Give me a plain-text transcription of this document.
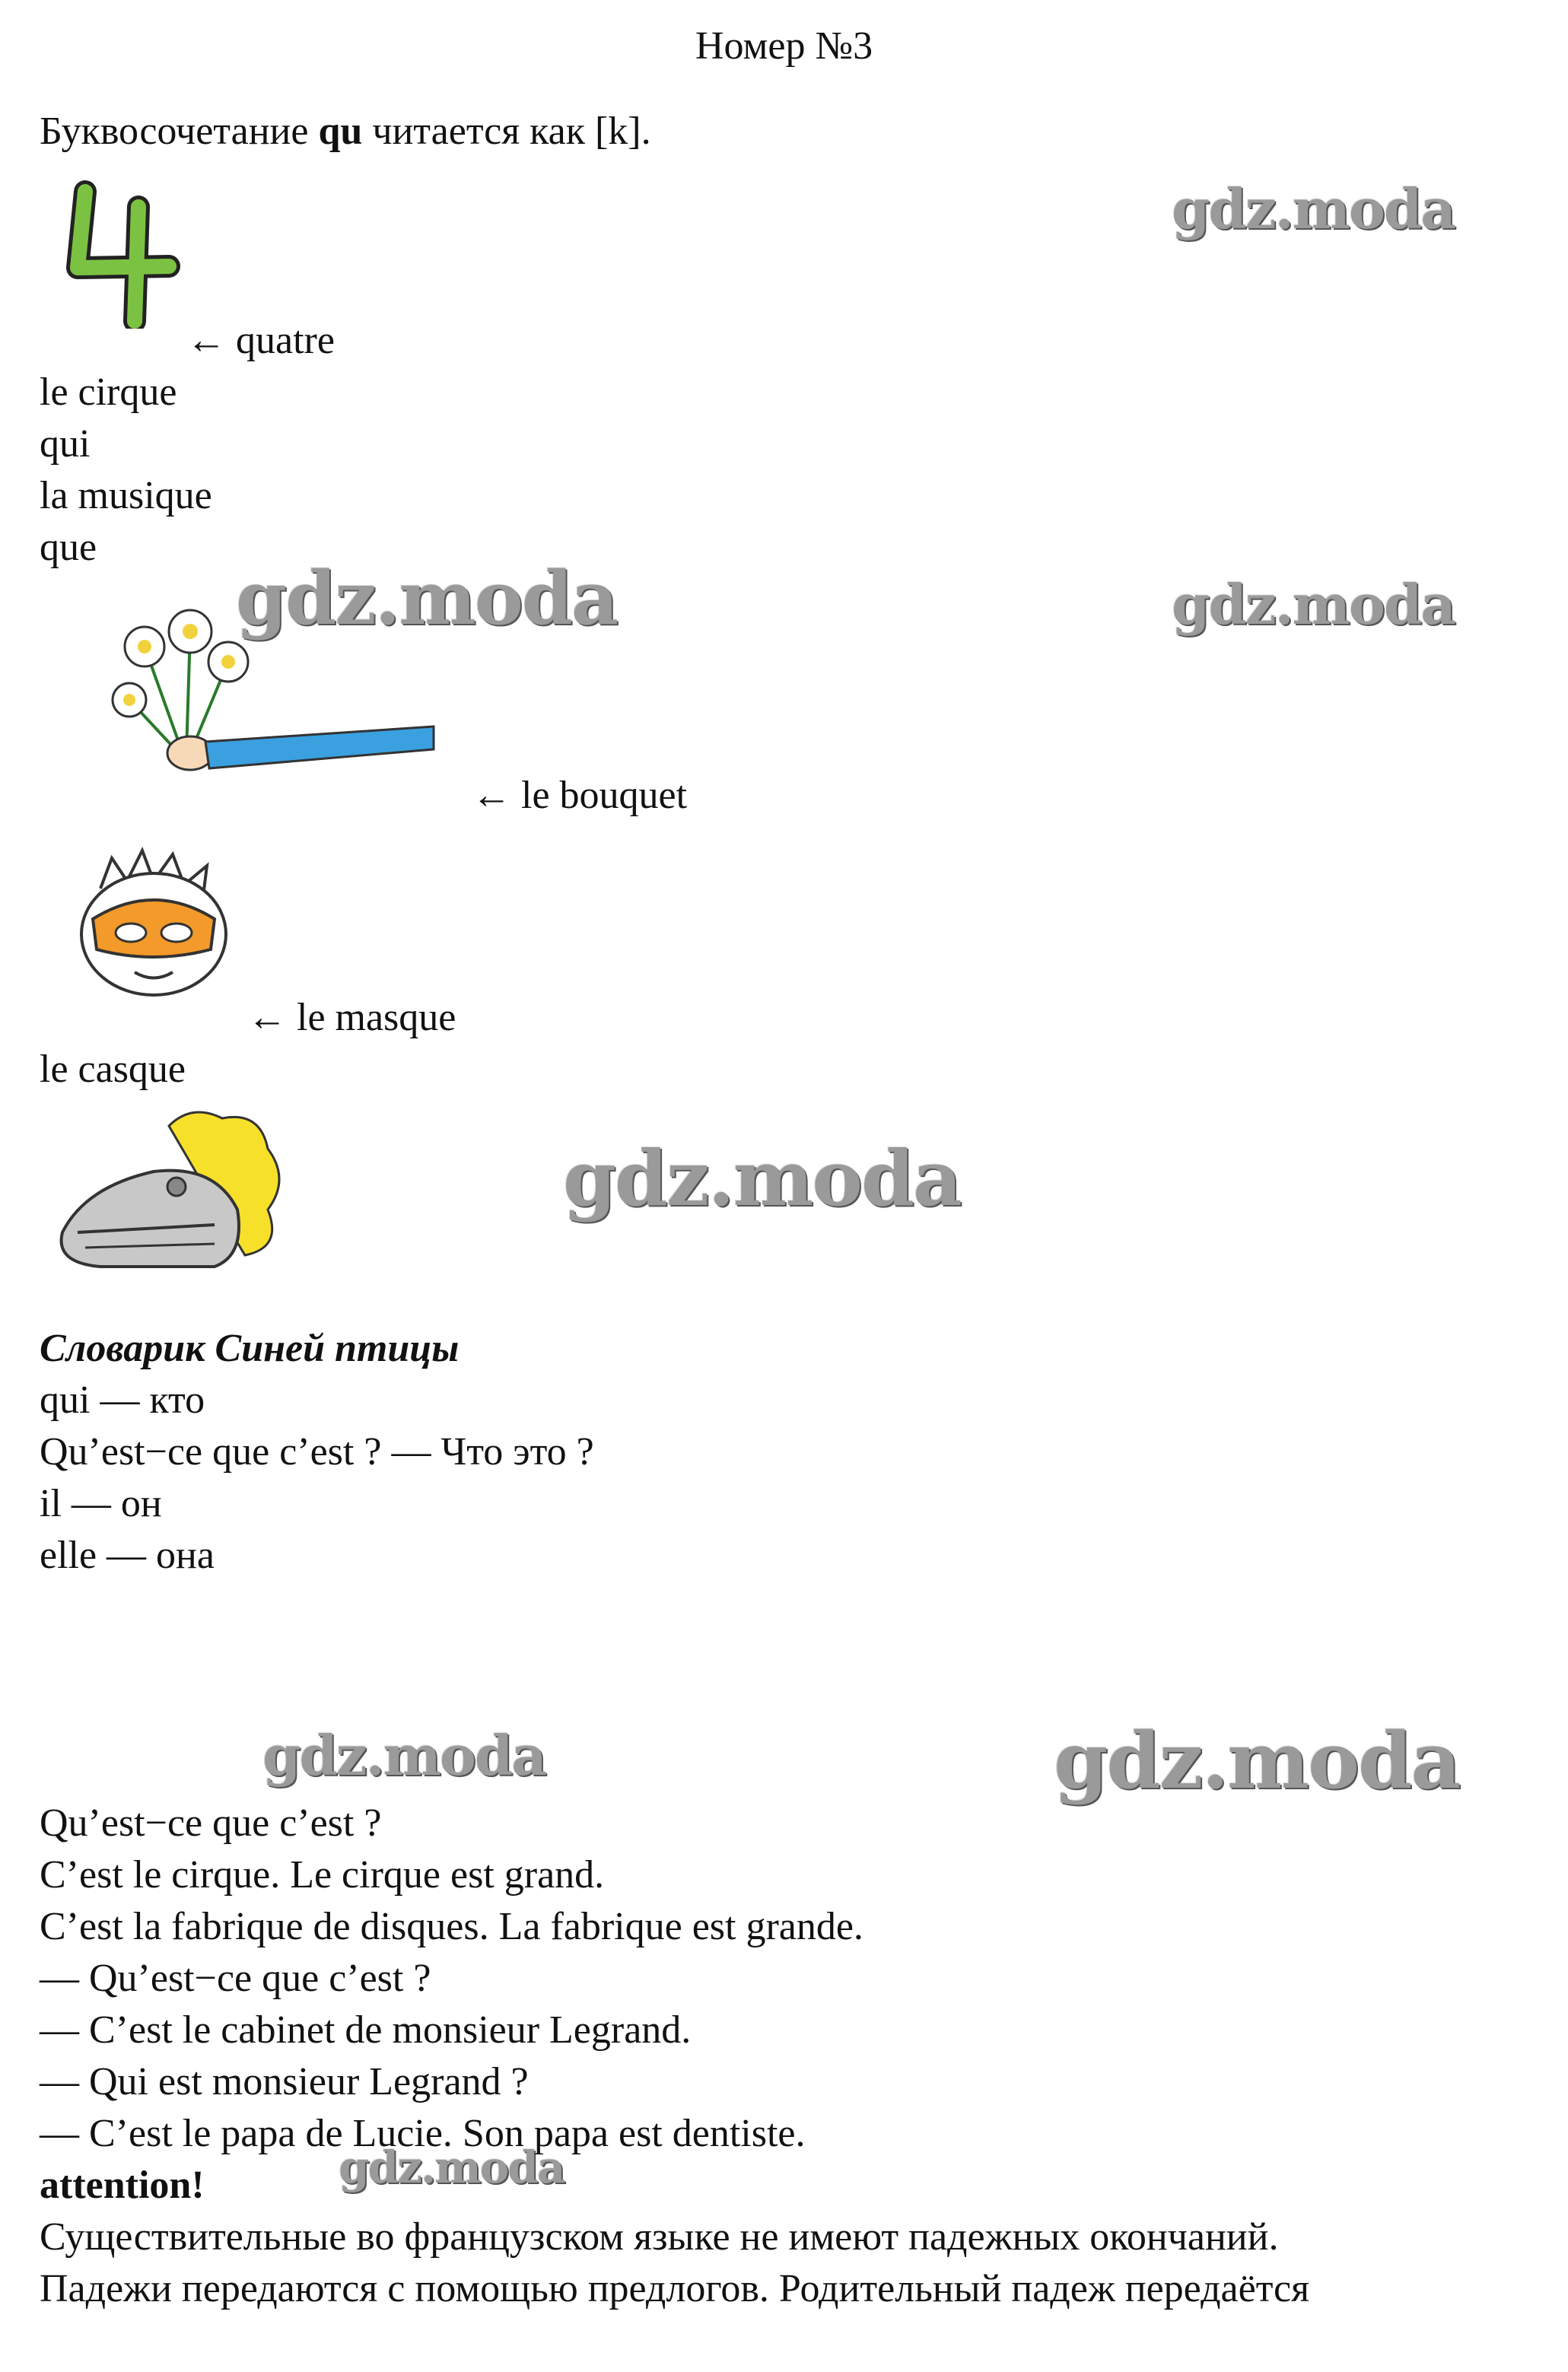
Номер №3
Буквосочетание qu читается как [k].
← quatre
le cirque
qui
la musique
que
← le bouquet
← le masque
le casque
gdz.moda
gdz.moda	gdz.moda
gdz.moda
gdz.moda	gdz.moda
gdz.moda
Словарик Синей птицы
qui — кто
Qu’est−ce que c’est ? — Что это ?
il — он
elle — она
Qu’est−ce que c’est ?
C’est le cirque. Le cirque est grand.
C’est la fabrique de disques. La fabrique est grande.
— Qu’est−ce que c’est ?
— C’est le cabinet de monsieur Legrand.
— Qui est monsieur Legrand ?
— C’est le papa de Lucie. Son papa est dentiste.
attention!
Существительные во французском языке не имеют падежных окончаний.
Падежи передаются с помощью предлогов. Родительный падеж передаётся
